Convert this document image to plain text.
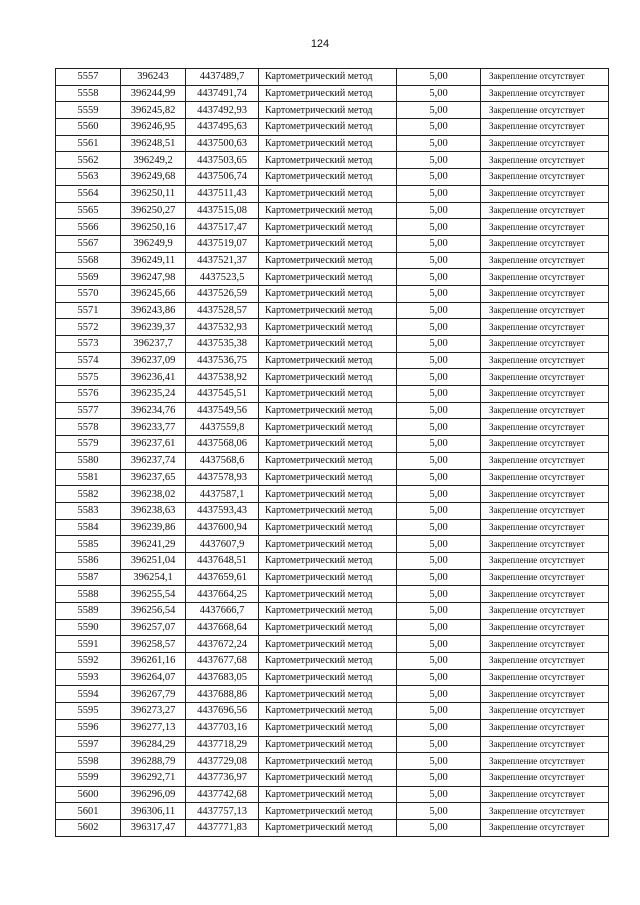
124
5557	396243	4437489,7	Картометрический метод	5,00	Закрепление отсутствует
5558	396244,99	4437491,74	Картометрический метод	5,00	Закрепление отсутствует
5559	396245,82	4437492,93	Картометрический метод	5,00	Закрепление отсутствует
5560	396246,95	4437495,63	Картометрический метод	5,00	Закрепление отсутствует
5561	396248,51	4437500,63	Картометрический метод	5,00	Закрепление отсутствует
5562	396249,2	4437503,65	Картометрический метод	5,00	Закрепление отсутствует
5563	396249,68	4437506,74	Картометрический метод	5,00	Закрепление отсутствует
5564	396250,11	4437511,43	Картометрический метод	5,00	Закрепление отсутствует
5565	396250,27	4437515,08	Картометрический метод	5,00	Закрепление отсутствует
5566	396250,16	4437517,47	Картометрический метод	5,00	Закрепление отсутствует
5567	396249,9	4437519,07	Картометрический метод	5,00	Закрепление отсутствует
5568	396249,11	4437521,37	Картометрический метод	5,00	Закрепление отсутствует
5569	396247,98	4437523,5	Картометрический метод	5,00	Закрепление отсутствует
5570	396245,66	4437526,59	Картометрический метод	5,00	Закрепление отсутствует
5571	396243,86	4437528,57	Картометрический метод	5,00	Закрепление отсутствует
5572	396239,37	4437532,93	Картометрический метод	5,00	Закрепление отсутствует
5573	396237,7	4437535,38	Картометрический метод	5,00	Закрепление отсутствует
5574	396237,09	4437536,75	Картометрический метод	5,00	Закрепление отсутствует
5575	396236,41	4437538,92	Картометрический метод	5,00	Закрепление отсутствует
5576	396235,24	4437545,51	Картометрический метод	5,00	Закрепление отсутствует
5577	396234,76	4437549,56	Картометрический метод	5,00	Закрепление отсутствует
5578	396233,77	4437559,8	Картометрический метод	5,00	Закрепление отсутствует
5579	396237,61	4437568,06	Картометрический метод	5,00	Закрепление отсутствует
5580	396237,74	4437568,6	Картометрический метод	5,00	Закрепление отсутствует
5581	396237,65	4437578,93	Картометрический метод	5,00	Закрепление отсутствует
5582	396238,02	4437587,1	Картометрический метод	5,00	Закрепление отсутствует
5583	396238,63	4437593,43	Картометрический метод	5,00	Закрепление отсутствует
5584	396239,86	4437600,94	Картометрический метод	5,00	Закрепление отсутствует
5585	396241,29	4437607,9	Картометрический метод	5,00	Закрепление отсутствует
5586	396251,04	4437648,51	Картометрический метод	5,00	Закрепление отсутствует
5587	396254,1	4437659,61	Картометрический метод	5,00	Закрепление отсутствует
5588	396255,54	4437664,25	Картометрический метод	5,00	Закрепление отсутствует
5589	396256,54	4437666,7	Картометрический метод	5,00	Закрепление отсутствует
5590	396257,07	4437668,64	Картометрический метод	5,00	Закрепление отсутствует
5591	396258,57	4437672,24	Картометрический метод	5,00	Закрепление отсутствует
5592	396261,16	4437677,68	Картометрический метод	5,00	Закрепление отсутствует
5593	396264,07	4437683,05	Картометрический метод	5,00	Закрепление отсутствует
5594	396267,79	4437688,86	Картометрический метод	5,00	Закрепление отсутствует
5595	396273,27	4437696,56	Картометрический метод	5,00	Закрепление отсутствует
5596	396277,13	4437703,16	Картометрический метод	5,00	Закрепление отсутствует
5597	396284,29	4437718,29	Картометрический метод	5,00	Закрепление отсутствует
5598	396288,79	4437729,08	Картометрический метод	5,00	Закрепление отсутствует
5599	396292,71	4437736,97	Картометрический метод	5,00	Закрепление отсутствует
5600	396296,09	4437742,68	Картометрический метод	5,00	Закрепление отсутствует
5601	396306,11	4437757,13	Картометрический метод	5,00	Закрепление отсутствует
5602	396317,47	4437771,83	Картометрический метод	5,00	Закрепление отсутствует
